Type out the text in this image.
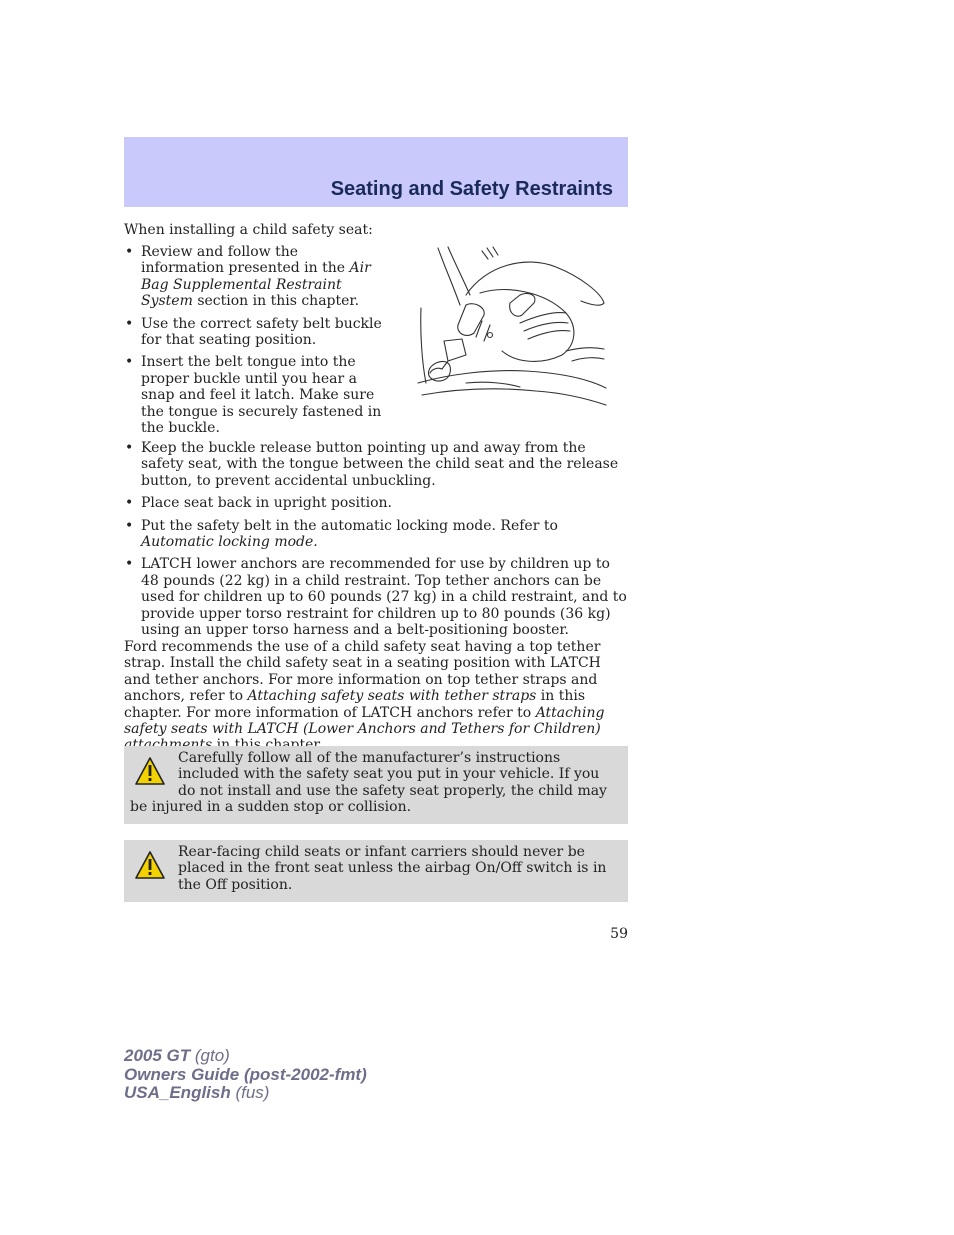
Seating and Safety Restraints
When installing a child safety seat:
• Review and follow the information presented in the Air Bag Supplemental Restraint System section in this chapter.
• Use the correct safety belt buckle for that seating position.
• Insert the belt tongue into the proper buckle until you hear a snap and feel it latch. Make sure the tongue is securely fastened in the buckle.
• Keep the buckle release button pointing up and away from the safety seat, with the tongue between the child seat and the release button, to prevent accidental unbuckling.
• Place seat back in upright position.
• Put the safety belt in the automatic locking mode. Refer to Automatic locking mode.
• LATCH lower anchors are recommended for use by children up to 48 pounds (22 kg) in a child restraint. Top tether anchors can be used for children up to 60 pounds (27 kg) in a child restraint, and to provide upper torso restraint for children up to 80 pounds (36 kg) using an upper torso harness and a belt-positioning booster.
Ford recommends the use of a child safety seat having a top tether strap. Install the child safety seat in a seating position with LATCH and tether anchors. For more information on top tether straps and anchors, refer to Attaching safety seats with tether straps in this chapter. For more information of LATCH anchors refer to Attaching safety seats with LATCH (Lower Anchors and Tethers for Children)
Carefully follow all of the manufacturer’s instructions included with the safety seat you put in your vehicle. If you do not install and use the safety seat properly, the child may be injured in a sudden stop or collision.
Rear-facing child seats or infant carriers should never be placed in the front seat unless the airbag On/Off switch is in the Off position.
59
2005 GT (gto)
Owners Guide (post-2002-fmt)
USA_English (fus)
